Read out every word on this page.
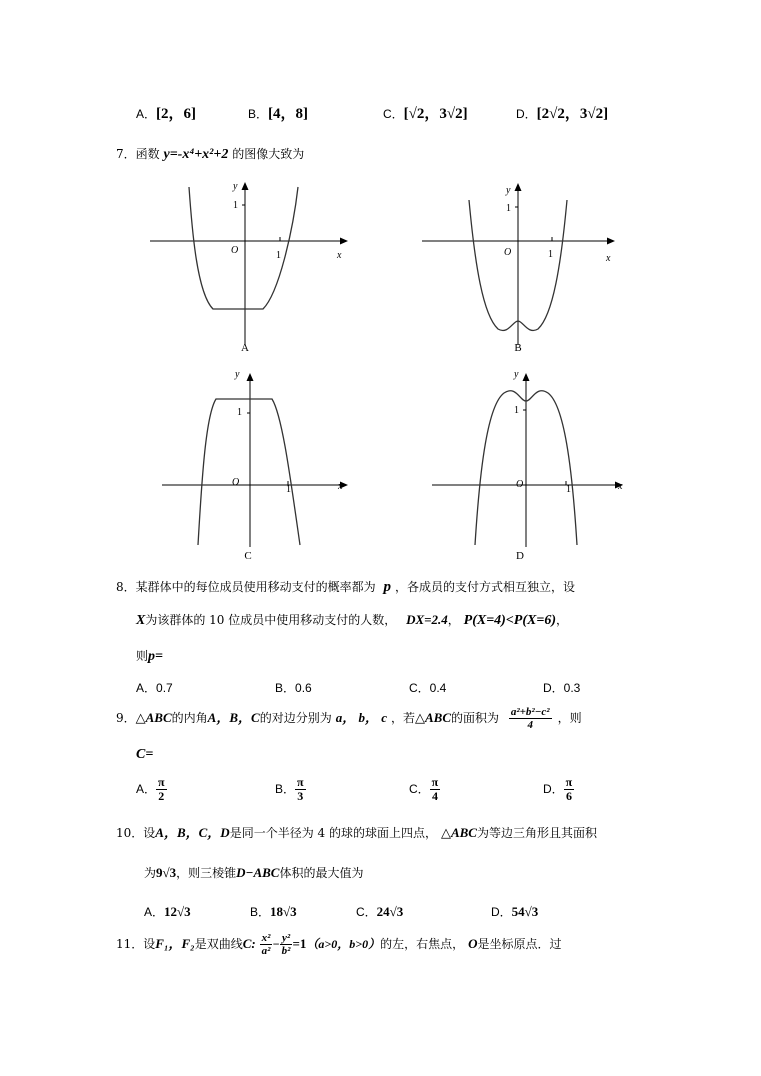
A．[2，6]	B．[4，8]	C．[√2，3√2]	D．[2√2，3√2]
7．函数 y=-x⁴+x²+2 的图像大致为
y
1
O	1	x
A
y
1
O	1	x
B
y
1
O
1	x
C
y
1
O	1	x
D
8．某群体中的每位成员使用移动支付的概率都为 p ，各成员的支付方式相互独立，设
X为该群体的 10 位成员中使用移动支付的人数， DX=2.4， P(X=4)<P(X=6)，
则p=
A．0.7	B．0.6	C．0.4	D．0.3
9．△ABC的内角A，B，C的对边分别为 a， b， c ，若△ABC的面积为 $\frac{\text{a²+b²−c²}}{4}$ ，则
C=
A． $\frac{\pi}{2}$	B． $\frac{\pi}{3}$	C． $\frac{\pi}{4}$	D． $\frac{\pi}{6}$
10．设A，B，C，D是同一个半径为 4 的球的球面上四点， △ABC为等边三角形且其面积
为9√3，则三棱锥D−ABC体积的最大值为
A．12√3	B．18√3	C．24√3	D．54√3
11．设F₁，F₂是双曲线C: $\frac{\text{x²}}{\text{a²}} - \frac{\text{y²}}{\text{b²}} =1(a>0$，b>0）的左，右焦点， O是坐标原点．过
